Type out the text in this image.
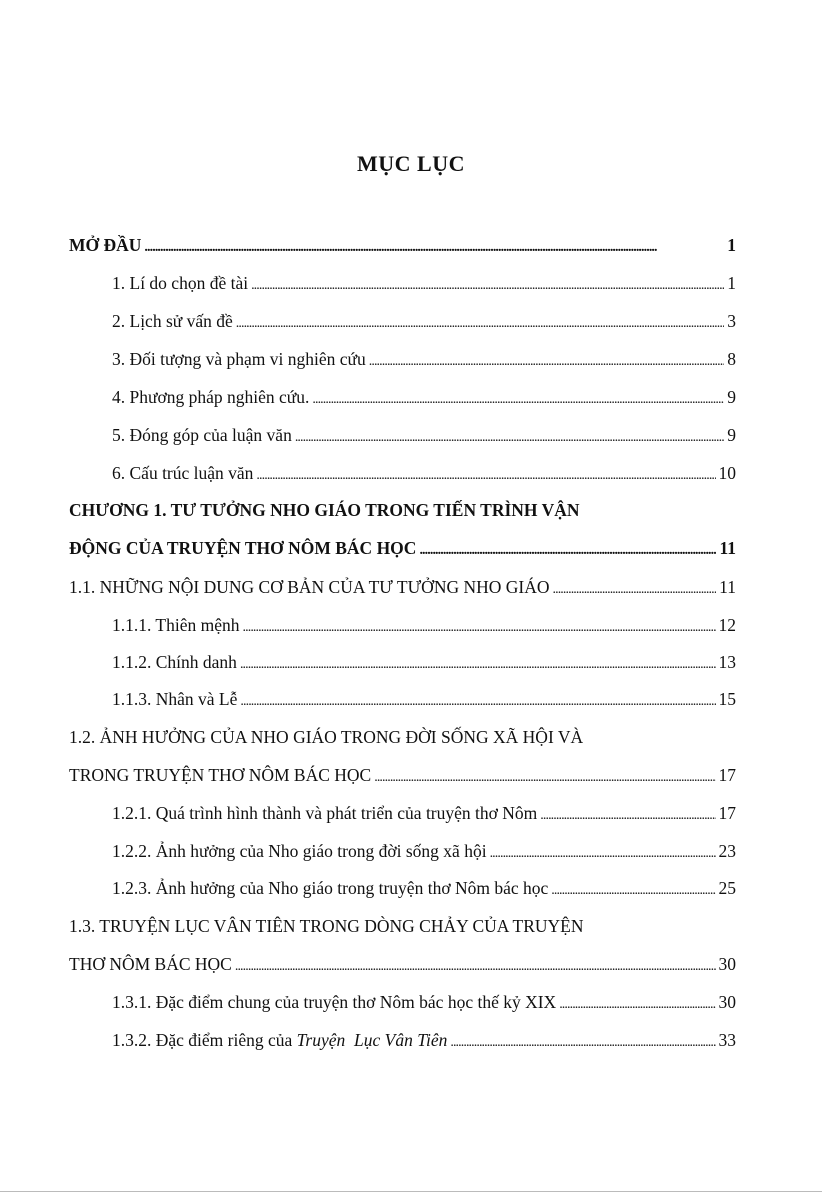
MỤC LỤC
MỞ ĐẦU . . .	1
1. Lí do chọn đề tài . . .	1
2. Lịch sử vấn đề . . .	3
3. Đối tượng và phạm vi nghiên cứu . . .	8
4. Phương pháp nghiên cứu. . . .	9
5. Đóng góp của luận văn . . .	9
6. Cấu trúc luận văn . . .	10
CHƯƠNG 1. TƯ TƯỞNG NHO GIÁO TRONG TIẾN TRÌNH VẬN
ĐỘNG CỦA TRUYỆN THƠ NÔM BÁC HỌC . . .	11
1.1. NHỮNG NỘI DUNG CƠ BẢN CỦA TƯ TƯỞNG NHO GIÁO . . .	11
1.1.1. Thiên mệnh . . .	12
1.1.2. Chính danh . . .	13
1.1.3. Nhân và Lễ . . .	15
1.2. ẢNH HƯỞNG CỦA NHO GIÁO TRONG ĐỜI SỐNG XÃ HỘI VÀ
TRONG TRUYỆN THƠ NÔM BÁC HỌC . . .	17
1.2.1. Quá trình hình thành và phát triển của truyện thơ Nôm . . .	17
1.2.2. Ảnh hưởng của Nho giáo trong đời sống xã hội . . .	23
1.2.3. Ảnh hưởng của Nho giáo trong truyện thơ Nôm bác học . . .	25
1.3. TRUYỆN LỤC VÂN TIÊN TRONG DÒNG CHẢY CỦA TRUYỆN
THƠ NÔM BÁC HỌC . . .	30
1.3.1. Đặc điểm chung của truyện thơ Nôm bác học thế kỷ XIX . . .	30
1.3.2. Đặc điểm riêng của Truyện  Lục Vân Tiên . . .	33
